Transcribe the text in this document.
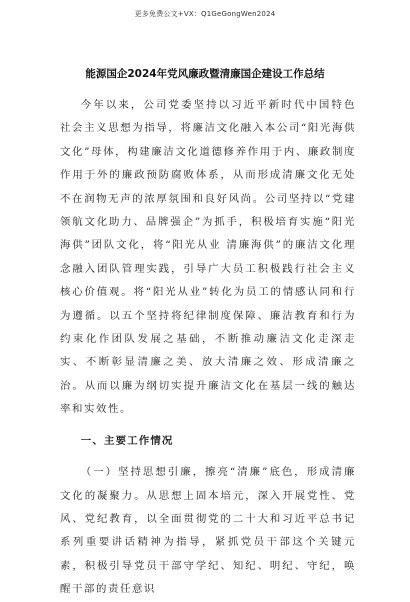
更多免费公文+VX：Q1GeGongWen2024
能源国企2024年党风廉政暨清廉国企建设工作总结

今年以来，公司党委坚持以习近平新时代中国特色社会主义思想为指导，将廉洁文化融入本公司“阳光海供文化”母体，构建廉洁文化道德修养作用于内、廉政制度作用于外的廉政预防腐败体系，从而形成清廉文化无处不在润物无声的浓厚氛围和良好风尚。公司坚持以“党建领航文化助力、品牌强企”为抓手，积极培育实施“阳光海供”团队文化，将“阳光从业 清廉海供”的廉洁文化理念融入团队管理实践，引导广大员工积极践行社会主义核心价值观。将“阳光从业”转化为员工的情感认同和行为遵循。以五个坚持将纪律制度保障、廉洁教育和行为约束化作团队发展之基础，不断推动廉洁文化走深走实、不断彰显清廉之美、放大清廉之效、形成清廉之治。从而以廉为纲切实提升廉洁文化在基层一线的触达率和实效性。

一、主要工作情况

（一）坚持思想引廉，擦亮“清廉”底色，形成清廉文化的凝聚力。从思想上固本培元，深入开展党性、党风、党纪教育，以全面贯彻党的二十大和习近平总书记系列重要讲话精神为指导，紧抓党员干部这个关键元素，积极引导党员干部守学纪、知纪、明纪、守纪，唤醒干部的责任意识
